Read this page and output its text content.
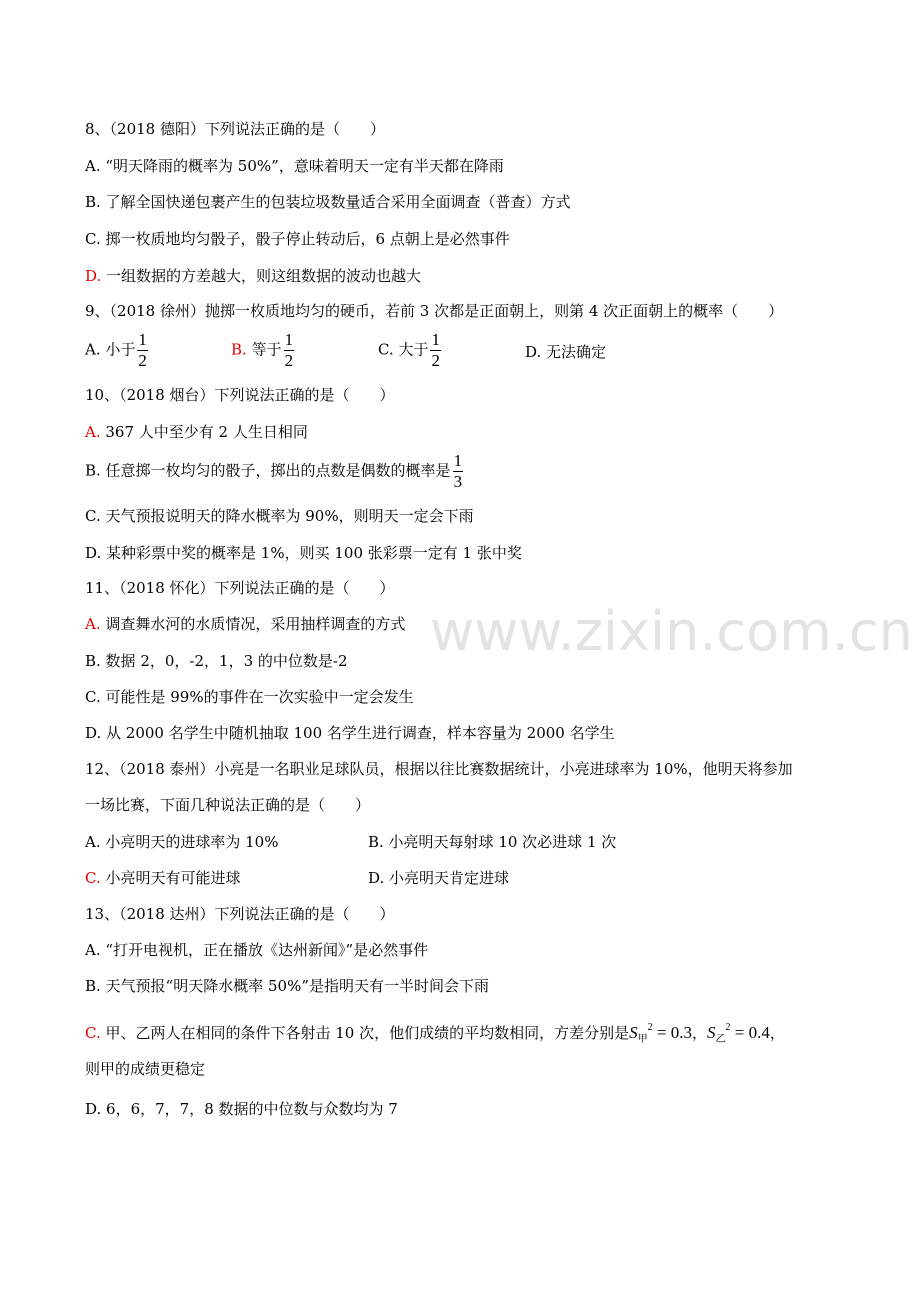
www.zixin.com.cn
8、（2018 德阳）下列说法正确的是（　　）
A. “明天降雨的概率为 50%”，意味着明天一定有半天都在降雨
B. 了解全国快递包裹产生的包装垃圾数量适合采用全面调查（普查）方式
C. 掷一枚质地均匀骰子，骰子停止转动后，6 点朝上是必然事件
D. 一组数据的方差越大，则这组数据的波动也越大
9、（2018 徐州）抛掷一枚质地均匀的硬币，若前 3 次都是正面朝上，则第 4 次正面朝上的概率（　　）
A. 小于 $\frac{1}{2}$	B. 等于 $\frac{1}{2}$	C. 大于 $\frac{1}{2}$	D. 无法确定
10、（2018 烟台）下列说法正确的是（　　）
A. 367 人中至少有 2 人生日相同
B. 任意掷一枚均匀的骰子，掷出的点数是偶数的概率是 $\frac{1}{3}$
C. 天气预报说明天的降水概率为 90%，则明天一定会下雨
D. 某种彩票中奖的概率是 1%，则买 100 张彩票一定有 1 张中奖
11、（2018 怀化）下列说法正确的是（　　）
A. 调查舞水河的水质情况，采用抽样调查的方式
B. 数据 2，0，-2，1，3 的中位数是-2
C. 可能性是 99%的事件在一次实验中一定会发生
D. 从 2000 名学生中随机抽取 100 名学生进行调查，样本容量为 2000 名学生
12、（2018 泰州）小亮是一名职业足球队员，根据以往比赛数据统计，小亮进球率为 10%，他明天将参加
一场比赛，下面几种说法正确的是（　　）
A. 小亮明天的进球率为 10%	B. 小亮明天每射球 10 次必进球 1 次
C. 小亮明天有可能进球	D. 小亮明天肯定进球
13、（2018 达州）下列说法正确的是（　　）
A. “打开电视机，正在播放《达州新闻》”是必然事件
B. 天气预报“明天降水概率 50%”是指明天有一半时间会下雨
C. 甲、乙两人在相同的条件下各射击 10 次，他们成绩的平均数相同，方差分别是$S_甲^2 = 0.3$，$S_乙^2 = 0.4$，
则甲的成绩更稳定
D. 6，6，7，7，8 数据的中位数与众数均为 7
